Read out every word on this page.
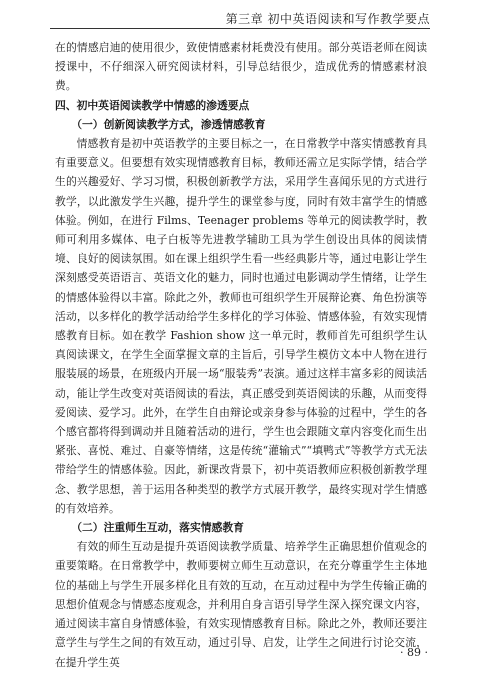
第三章 初中英语阅读和写作教学要点

在的情感启迪的使用很少，致使情感素材耗费没有使用。部分英语老师在阅读授课中，不仔细深入研究阅读材料，引导总结很少，造成优秀的情感素材浪费。

四、初中英语阅读教学中情感的渗透要点

（一）创新阅读教学方式，渗透情感教育

情感教育是初中英语教学的主要目标之一，在日常教学中落实情感教育具有重要意义。但要想有效实现情感教育目标，教师还需立足实际学情，结合学生的兴趣爱好、学习习惯，积极创新教学方法，采用学生喜闻乐见的方式进行教学，以此激发学生兴趣，提升学生的课堂参与度，同时有效丰富学生的情感体验。例如，在进行 Films、Teenager problems 等单元的阅读教学时，教师可利用多媒体、电子白板等先进教学辅助工具为学生创设出具体的阅读情境、良好的阅读氛围。如在课上组织学生看一些经典影片等，通过电影让学生深刻感受英语语言、英语文化的魅力，同时也通过电影调动学生情绪，让学生的情感体验得以丰富。除此之外，教师也可组织学生开展辩论赛、角色扮演等活动，以多样化的教学活动给学生多样化的学习体验、情感体验，有效实现情感教育目标。如在教学 Fashion show 这一单元时，教师首先可组织学生认真阅读课文，在学生全面掌握文章的主旨后，引导学生模仿文本中人物在进行服装展的场景，在班级内开展一场“服装秀”表演。通过这样丰富多彩的阅读活动，能让学生改变对英语阅读的看法，真正感受到英语阅读的乐趣，从而变得爱阅读、爱学习。此外，在学生自由辩论或亲身参与体验的过程中，学生的各个感官都将得到调动并且随着活动的进行，学生也会跟随文章内容变化而生出紧张、喜悦、难过、自豪等情绪，这是传统“灌输式”“填鸭式”等教学方式无法带给学生的情感体验。因此，新课改背景下，初中英语教师应积极创新教学理念、教学思想，善于运用各种类型的教学方式展开教学，最终实现对学生情感的有效培养。

（二）注重师生互动，落实情感教育

有效的师生互动是提升英语阅读教学质量、培养学生正确思想价值观念的重要策略。在日常教学中，教师要树立师生互动意识，在充分尊重学生主体地位的基础上与学生开展多样化且有效的互动，在互动过程中为学生传输正确的思想价值观念与情感态度观念，并利用自身言语引导学生深入探究课文内容，通过阅读丰富自身情感体验，有效实现情感教育目标。除此之外，教师还要注意学生与学生之间的有效互动，通过引导、启发，让学生之间进行讨论交流，在提升学生英

· 89 ·
